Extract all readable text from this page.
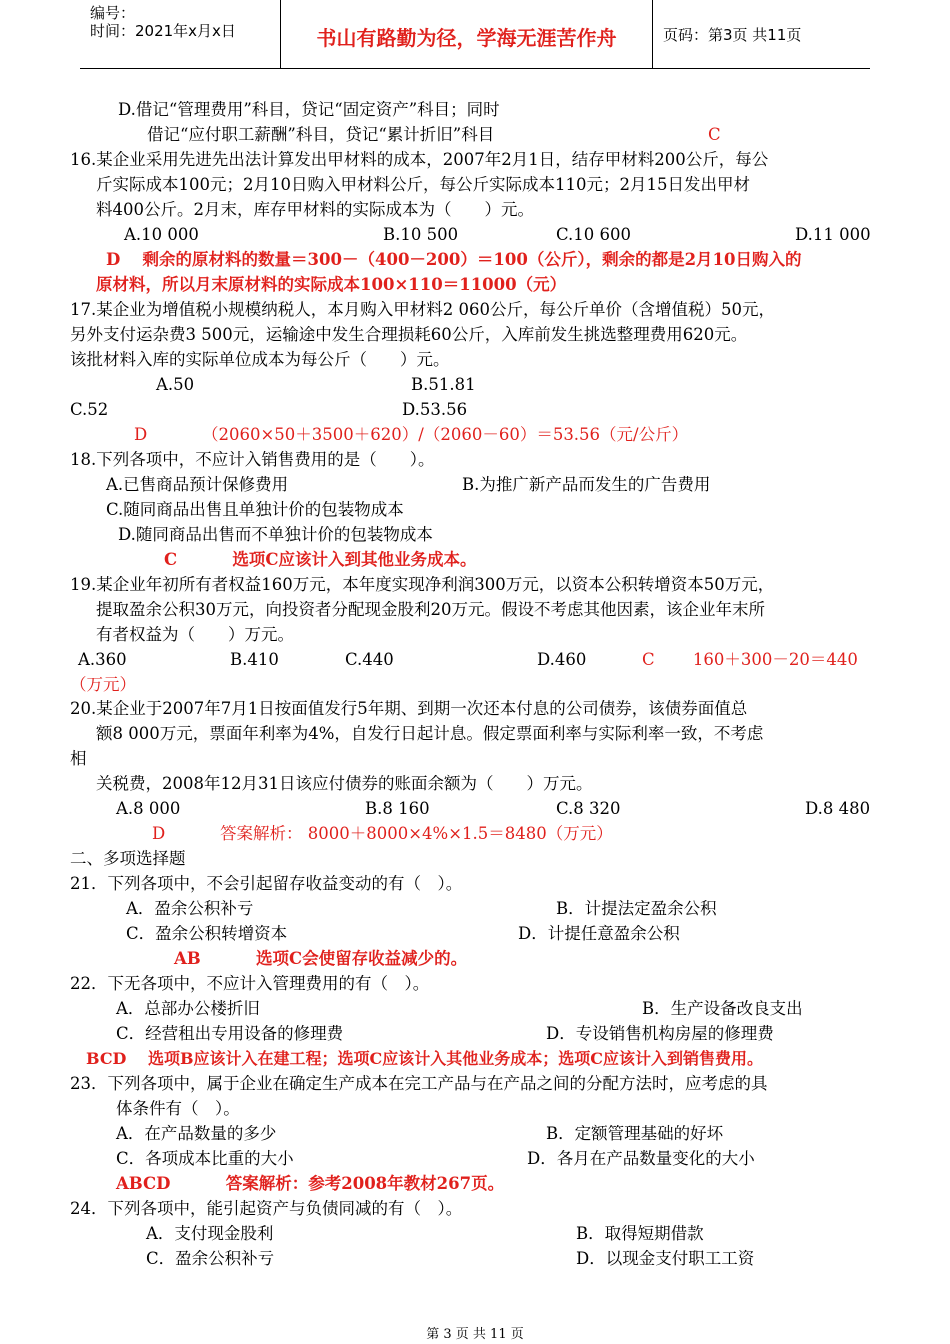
编号：
时间：2021年x月x日	书山有路勤为径，学海无涯苦作舟	页码：第3页 共11页
D.借记“管理费用”科目，贷记“固定资产”科目；同时
借记“应付职工薪酬”科目，贷记“累计折旧”科目	C
16.某企业采用先进先出法计算发出甲材料的成本，2007年2月1日，结存甲材料200公斤，每公
斤实际成本100元；2月10日购入甲材料公斤，每公斤实际成本110元；2月15日发出甲材
料400公斤。2月末，库存甲材料的实际成本为（　　）元。
A.10 000	B.10 500	C.10 600	D.11 000
D　 剩余的原材料的数量＝300－（400－200）＝100（公斤），剩余的都是2月10日购入的
原材料，所以月末原材料的实际成本100×110＝11000（元）
17.某企业为增值税小规模纳税人，本月购入甲材料2 060公斤，每公斤单价（含增值税）50元，
另外支付运杂费3 500元，运输途中发生合理损耗60公斤，入库前发生挑选整理费用620元。
该批材料入库的实际单位成本为每公斤（　　）元。
A.50	B.51.81
C.52	D.53.56
D　　　 （2060×50＋3500＋620）/（2060－60）＝53.56（元/公斤）
18.下列各项中，不应计入销售费用的是（　　）。
A.已售商品预计保修费用	B.为推广新产品而发生的广告费用
C.随同商品出售且单独计价的包装物成本
D.随同商品出售而不单独计价的包装物成本
C　　　 选项C应该计入到其他业务成本。
19.某企业年初所有者权益160万元，本年度实现净利润300万元，以资本公积转增资本50万元，
提取盈余公积30万元，向投资者分配现金股利20万元。假设不考虑其他因素，该企业年末所
有者权益为（　　）万元。
A.360	B.410	C.440	D.460	C　　 160＋300－20＝440
（万元）
20.某企业于2007年7月1日按面值发行5年期、到期一次还本付息的公司债券，该债券面值总
额8 000万元，票面年利率为4%，自发行日起计息。假定票面利率与实际利率一致，不考虑
相
关税费，2008年12月31日该应付债券的账面余额为（　　）万元。
A.8 000	B.8 160	C.8 320	D.8 480
D　　　 答案解析： 8000＋8000×4%×1.5＝8480（万元）
二、多项选择题
21．下列各项中，不会引起留存收益变动的有（　）。
A．盈余公积补亏	B．计提法定盈余公积
C．盈余公积转增资本	D．计提任意盈余公积
AB　　　 选项C会使留存收益减少的。
22．下无各项中，不应计入管理费用的有（　）。
A．总部办公楼折旧	B．生产设备改良支出
C．经营租出专用设备的修理费	D．专设销售机构房屋的修理费
BCD　 选项B应该计入在建工程；选项C应该计入其他业务成本；选项C应该计入到销售费用。
23．下列各项中，属于企业在确定生产成本在完工产品与在产品之间的分配方法时，应考虑的具
体条件有（　）。
A．在产品数量的多少	B．定额管理基础的好坏
C．各项成本比重的大小	D．各月在产品数量变化的大小
ABCD　　　 答案解析：参考2008年教材267页。
24．下列各项中，能引起资产与负债同减的有（　）。
A．支付现金股利	B．取得短期借款
C．盈余公积补亏	D．以现金支付职工工资
第 3 页 共 11 页
